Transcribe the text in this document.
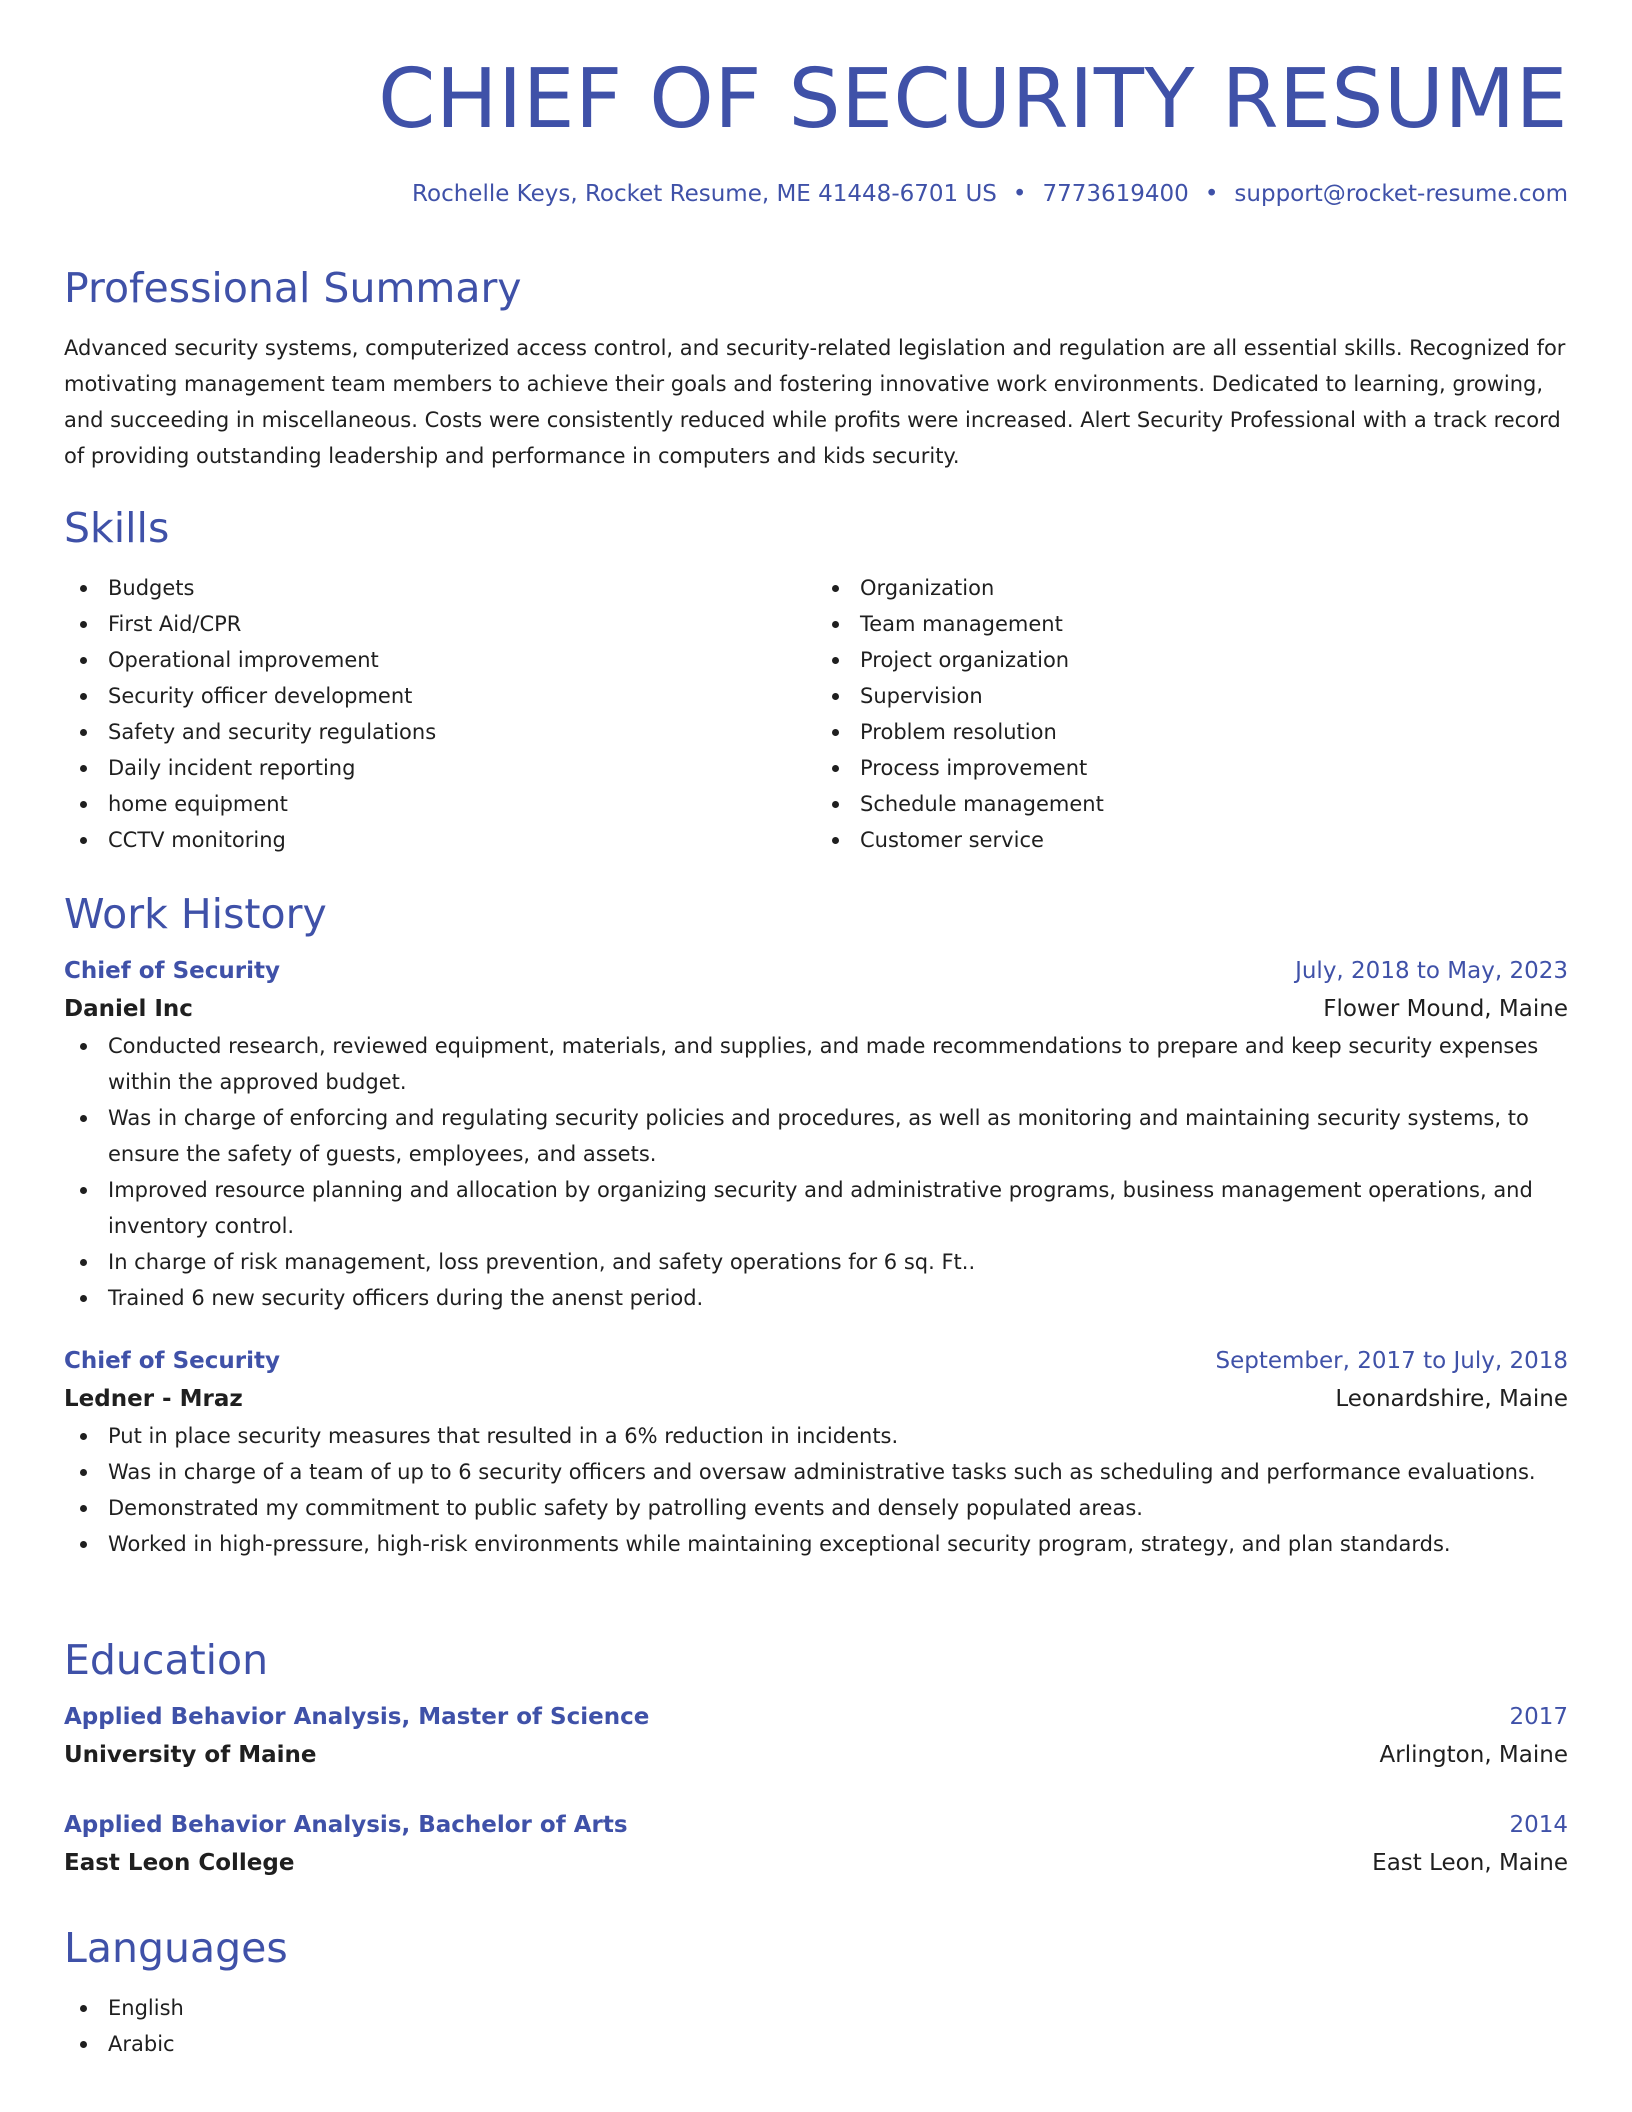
CHIEF OF SECURITY RESUME
Rochelle Keys, Rocket Resume, ME 41448-6701 US • 7773619400 • support@rocket-resume.com
Professional Summary

Advanced security systems, computerized access control, and security-related legislation and regulation are all essential skills. Recognized for motivating management team members to achieve their goals and fostering innovative work environments. Dedicated to learning, growing, and succeeding in miscellaneous. Costs were consistently reduced while profits were increased. Alert Security Professional with a track record of providing outstanding leadership and performance in computers and kids security.

Skills
Budgets
First Aid/CPR
Operational improvement
Security officer development
Safety and security regulations
Daily incident reporting
home equipment
CCTV monitoring
Organization
Team management
Project organization
Supervision
Problem resolution
Process improvement
Schedule management
Customer service
Work History
Chief of Security	July, 2018 to May, 2023
Daniel Inc	Flower Mound, Maine
Conducted research, reviewed equipment, materials, and supplies, and made recommendations to prepare and keep security expenses within the approved budget.
Was in charge of enforcing and regulating security policies and procedures, as well as monitoring and maintaining security systems, to ensure the safety of guests, employees, and assets.
Improved resource planning and allocation by organizing security and administrative programs, business management operations, and inventory control.
In charge of risk management, loss prevention, and safety operations for 6 sq. Ft..
Trained 6 new security officers during the anenst period.
Chief of Security	September, 2017 to July, 2018
Ledner - Mraz	Leonardshire, Maine
Put in place security measures that resulted in a 6% reduction in incidents.
Was in charge of a team of up to 6 security officers and oversaw administrative tasks such as scheduling and performance evaluations.
Demonstrated my commitment to public safety by patrolling events and densely populated areas.
Worked in high-pressure, high-risk environments while maintaining exceptional security program, strategy, and plan standards.
Education
Applied Behavior Analysis, Master of Science	2017
University of Maine	Arlington, Maine
Applied Behavior Analysis, Bachelor of Arts	2014
East Leon College	East Leon, Maine
Languages
English
Arabic
